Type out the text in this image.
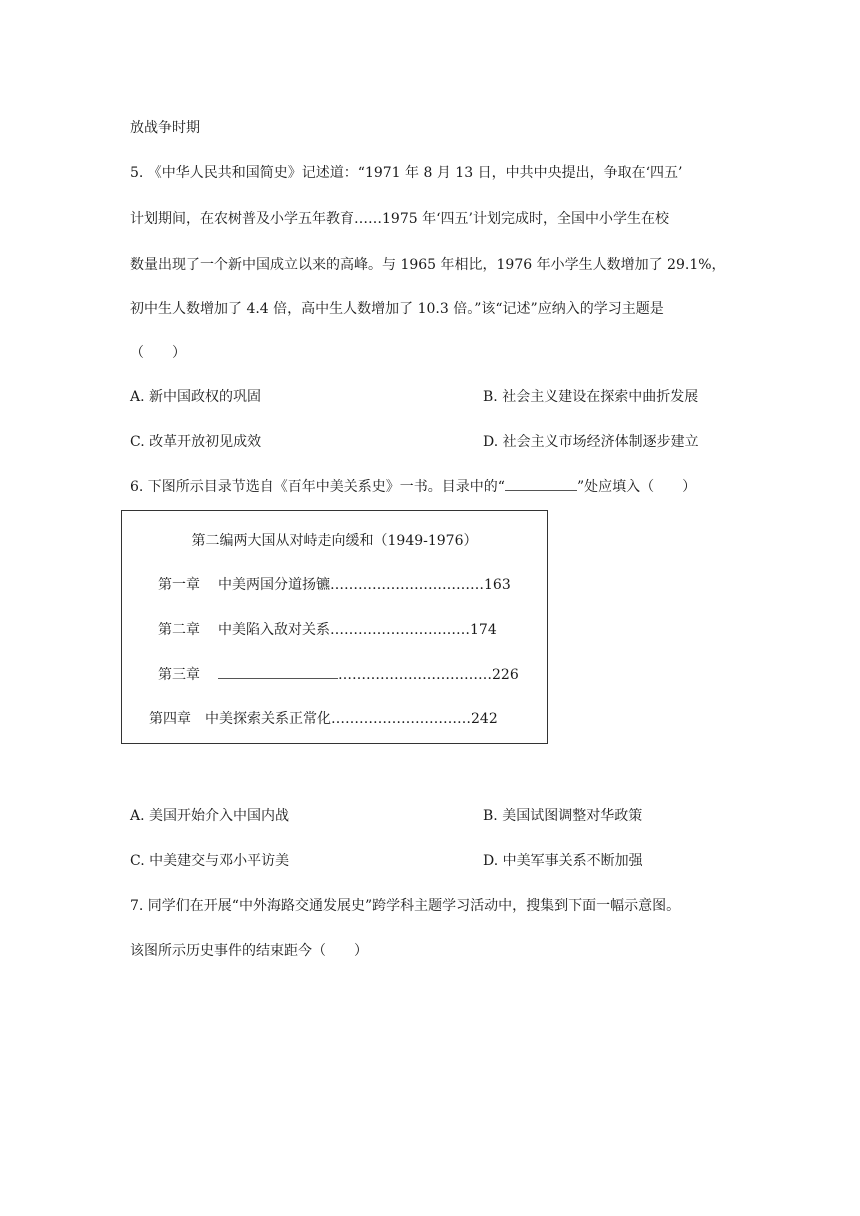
放战争时期
5. 《中华人民共和国简史》记述道：“1971 年 8 月 13 日，中共中央提出，争取在‘四五’
计划期间，在农树普及小学五年教育……1975 年‘四五’计划完成时，全国中小学生在校
数量出现了一个新中国成立以来的高峰。与 1965 年相比，1976 年小学生人数增加了 29.1%，
初中生人数增加了 4.4 倍，高中生人数增加了 10.3 倍。”该“记述”应纳入的学习主题是
（　　）
A. 新中国政权的巩固	B. 社会主义建设在探索中曲折发展
C. 改革开放初见成效	D. 社会主义市场经济体制逐步建立
6. 下图所示目录节选自《百年中美关系史》一书。目录中的“	”处应填入（　　）
第二编两大国从对峙走向缓和（1949-1976）
第一章 中美两国分道扬镳……………………………163
第二章 中美陷入敌对关系…………………………174
第三章	……………………………226
第四章 中美探索关系正常化…………………………242
A. 美国开始介入中国内战	B. 美国试图调整对华政策
C. 中美建交与邓小平访美	D. 中美军事关系不断加强
7. 同学们在开展“中外海路交通发展史”跨学科主题学习活动中，搜集到下面一幅示意图。
该图所示历史事件的结束距今（　　）
